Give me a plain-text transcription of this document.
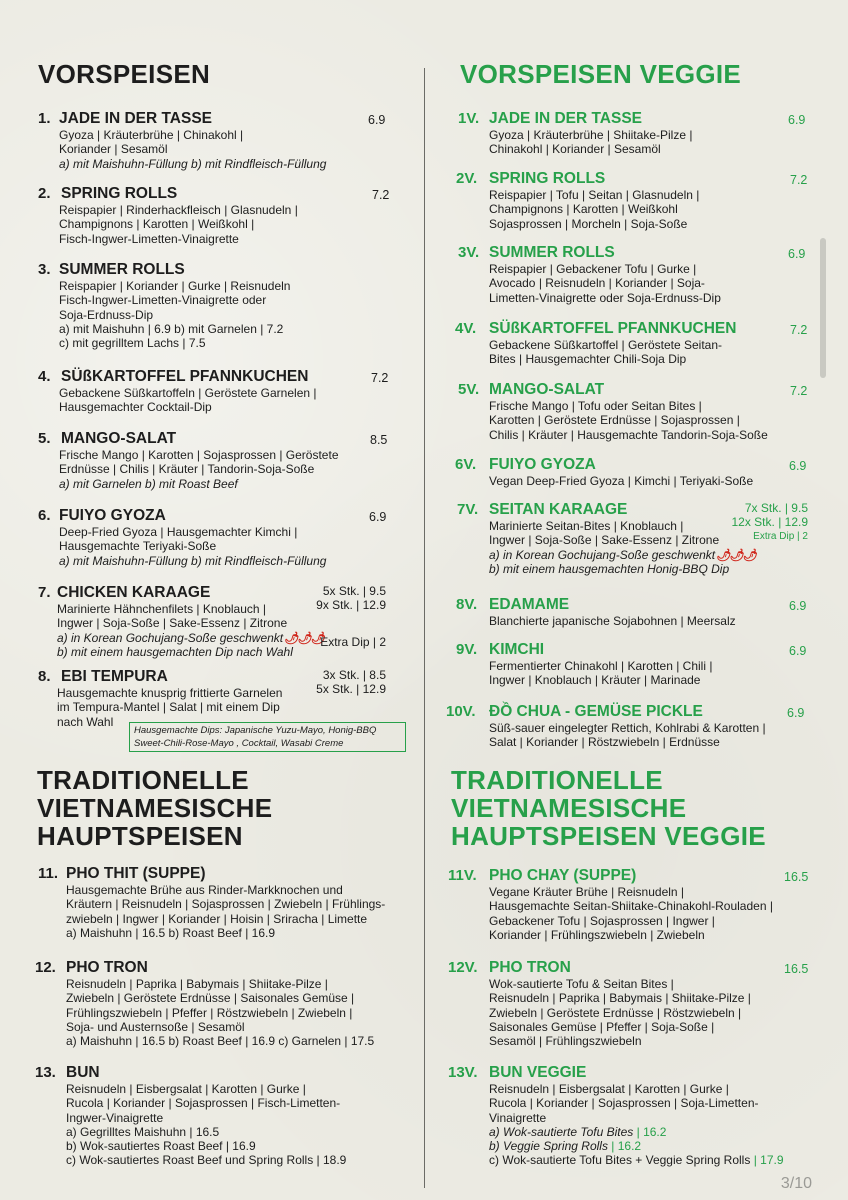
3/10
VORSPEISEN
TRADITIONELLE
VIETNAMESISCHE
HAUPTSPEISEN
VORSPEISEN VEGGIE
TRADITIONELLE
VIETNAMESISCHE
HAUPTSPEISEN VEGGIE
1. JADE IN DER TASSE	6.9
Gyoza | Kräuterbrühe | Chinakohl |
Koriander | Sesamöl
a) mit Maishuhn-Füllung b) mit Rindfleisch-Füllung
2. SPRING ROLLS	7.2
Reispapier | Rinderhackfleisch | Glasnudeln |
Champignons | Karotten | Weißkohl |
Fisch-Ingwer-Limetten-Vinaigrette
3. SUMMER ROLLS
Reispapier | Koriander | Gurke | Reisnudeln
Fisch-Ingwer-Limetten-Vinaigrette oder
Soja-Erdnuss-Dip
a) mit Maishuhn | 6.9 b) mit Garnelen | 7.2
c) mit gegrilltem Lachs | 7.5
4. SÜßKARTOFFEL PFANNKUCHEN	7.2
Gebackene Süßkartoffeln | Geröstete Garnelen |
Hausgemachter Cocktail-Dip
5. MANGO-SALAT	8.5
Frische Mango | Karotten | Sojasprossen | Geröstete
Erdnüsse | Chilis | Kräuter | Tandorin-Soja-Soße
a) mit Garnelen b) mit Roast Beef
6. FUIYO GYOZA	6.9
Deep-Fried Gyoza | Hausgemachter Kimchi |
Hausgemachte Teriyaki-Soße
a) mit Maishuhn-Füllung b) mit Rindfleisch-Füllung
7. CHICKEN KARAAGE
Marinierte Hähnchenfilets | Knoblauch |
Ingwer | Soja-Soße | Sake-Essenz | Zitrone
a) in Korean Gochujang-Soße geschwenkt 🌶🌶🌶
b) mit einem hausgemachten Dip nach Wahl
5x Stk. | 9.5
9x Stk. | 12.9
Extra Dip | 2
8. EBI TEMPURA
Hausgemachte knusprig frittierte Garnelen
im Tempura-Mantel | Salat | mit einem Dip
nach Wahl
3x Stk. | 8.5
5x Stk. | 12.9
11. PHO THIT (SUPPE)
Hausgemachte Brühe aus Rinder-Markknochen und
Kräutern | Reisnudeln | Sojasprossen | Zwiebeln | Frühlings-
zwiebeln | Ingwer | Koriander | Hoisin | Sriracha | Limette
a) Maishuhn | 16.5 b) Roast Beef | 16.9
12. PHO TRON
Reisnudeln | Paprika | Babymais | Shiitake-Pilze |
Zwiebeln | Geröstete Erdnüsse | Saisonales Gemüse |
Frühlingszwiebeln | Pfeffer | Röstzwiebeln | Zwiebeln |
Soja- und Austernsoße | Sesamöl
a) Maishuhn | 16.5 b) Roast Beef | 16.9 c) Garnelen | 17.5
13. BUN
Reisnudeln | Eisbergsalat | Karotten | Gurke |
Rucola | Koriander | Sojasprossen | Fisch-Limetten-
Ingwer-Vinaigrette
a) Gegrilltes Maishuhn | 16.5
b) Wok-sautiertes Roast Beef | 16.9
c) Wok-sautiertes Roast Beef und Spring Rolls | 18.9
1V. JADE IN DER TASSE	6.9
Gyoza | Kräuterbrühe | Shiitake-Pilze |
Chinakohl | Koriander | Sesamöl
2V. SPRING ROLLS	7.2
Reispapier | Tofu | Seitan | Glasnudeln |
Champignons | Karotten | Weißkohl
Sojasprossen | Morcheln | Soja-Soße
3V. SUMMER ROLLS	6.9
Reispapier | Gebackener Tofu | Gurke |
Avocado | Reisnudeln | Koriander | Soja-
Limetten-Vinaigrette oder Soja-Erdnuss-Dip
4V. SÜßKARTOFFEL PFANNKUCHEN	7.2
Gebackene Süßkartoffel | Geröstete Seitan-
Bites | Hausgemachter Chili-Soja Dip
5V. MANGO-SALAT	7.2
Frische Mango | Tofu oder Seitan Bites |
Karotten | Geröstete Erdnüsse | Sojasprossen |
Chilis | Kräuter | Hausgemachte Tandorin-Soja-Soße
6V. FUIYO GYOZA	6.9
Vegan Deep-Fried Gyoza | Kimchi | Teriyaki-Soße
7V. SEITAN KARAAGE
Marinierte Seitan-Bites | Knoblauch |
Ingwer | Soja-Soße | Sake-Essenz | Zitrone
a) in Korean Gochujang-Soße geschwenkt 🌶🌶🌶
b) mit einem hausgemachten Honig-BBQ Dip
7x Stk. | 9.5
12x Stk. | 12.9
Extra Dip | 2
8V. EDAMAME	6.9
Blanchierte japanische Sojabohnen | Meersalz
9V. KIMCHI	6.9
Fermentierter Chinakohl | Karotten | Chili |
Ingwer | Knoblauch | Kräuter | Marinade
10V. ĐỒ CHUA - GEMÜSE PICKLE	6.9
Süß-sauer eingelegter Rettich, Kohlrabi & Karotten |
Salat | Koriander | Röstzwiebeln | Erdnüsse
11V. PHO CHAY (SUPPE)	16.5
Vegane Kräuter Brühe | Reisnudeln |
Hausgemachte Seitan-Shiitake-Chinakohl-Rouladen |
Gebackener Tofu | Sojasprossen | Ingwer |
Koriander | Frühlingszwiebeln | Zwiebeln
12V. PHO TRON	16.5
Wok-sautierte Tofu & Seitan Bites |
Reisnudeln | Paprika | Babymais | Shiitake-Pilze |
Zwiebeln | Geröstete Erdnüsse | Röstzwiebeln |
Saisonales Gemüse | Pfeffer | Soja-Soße |
Sesamöl | Frühlingszwiebeln
13V. BUN VEGGIE
Reisnudeln | Eisbergsalat | Karotten | Gurke |
Rucola | Koriander | Sojasprossen | Soja-Limetten-
Vinaigrette
a) Wok-sautierte Tofu Bites | 16.2
b) Veggie Spring Rolls | 16.2
c) Wok-sautierte Tofu Bites + Veggie Spring Rolls | 17.9
Hausgemachte Dips: Japanische Yuzu-Mayo, Honig-BBQ
Sweet-Chili-Rose-Mayo , Cocktail, Wasabi Creme
